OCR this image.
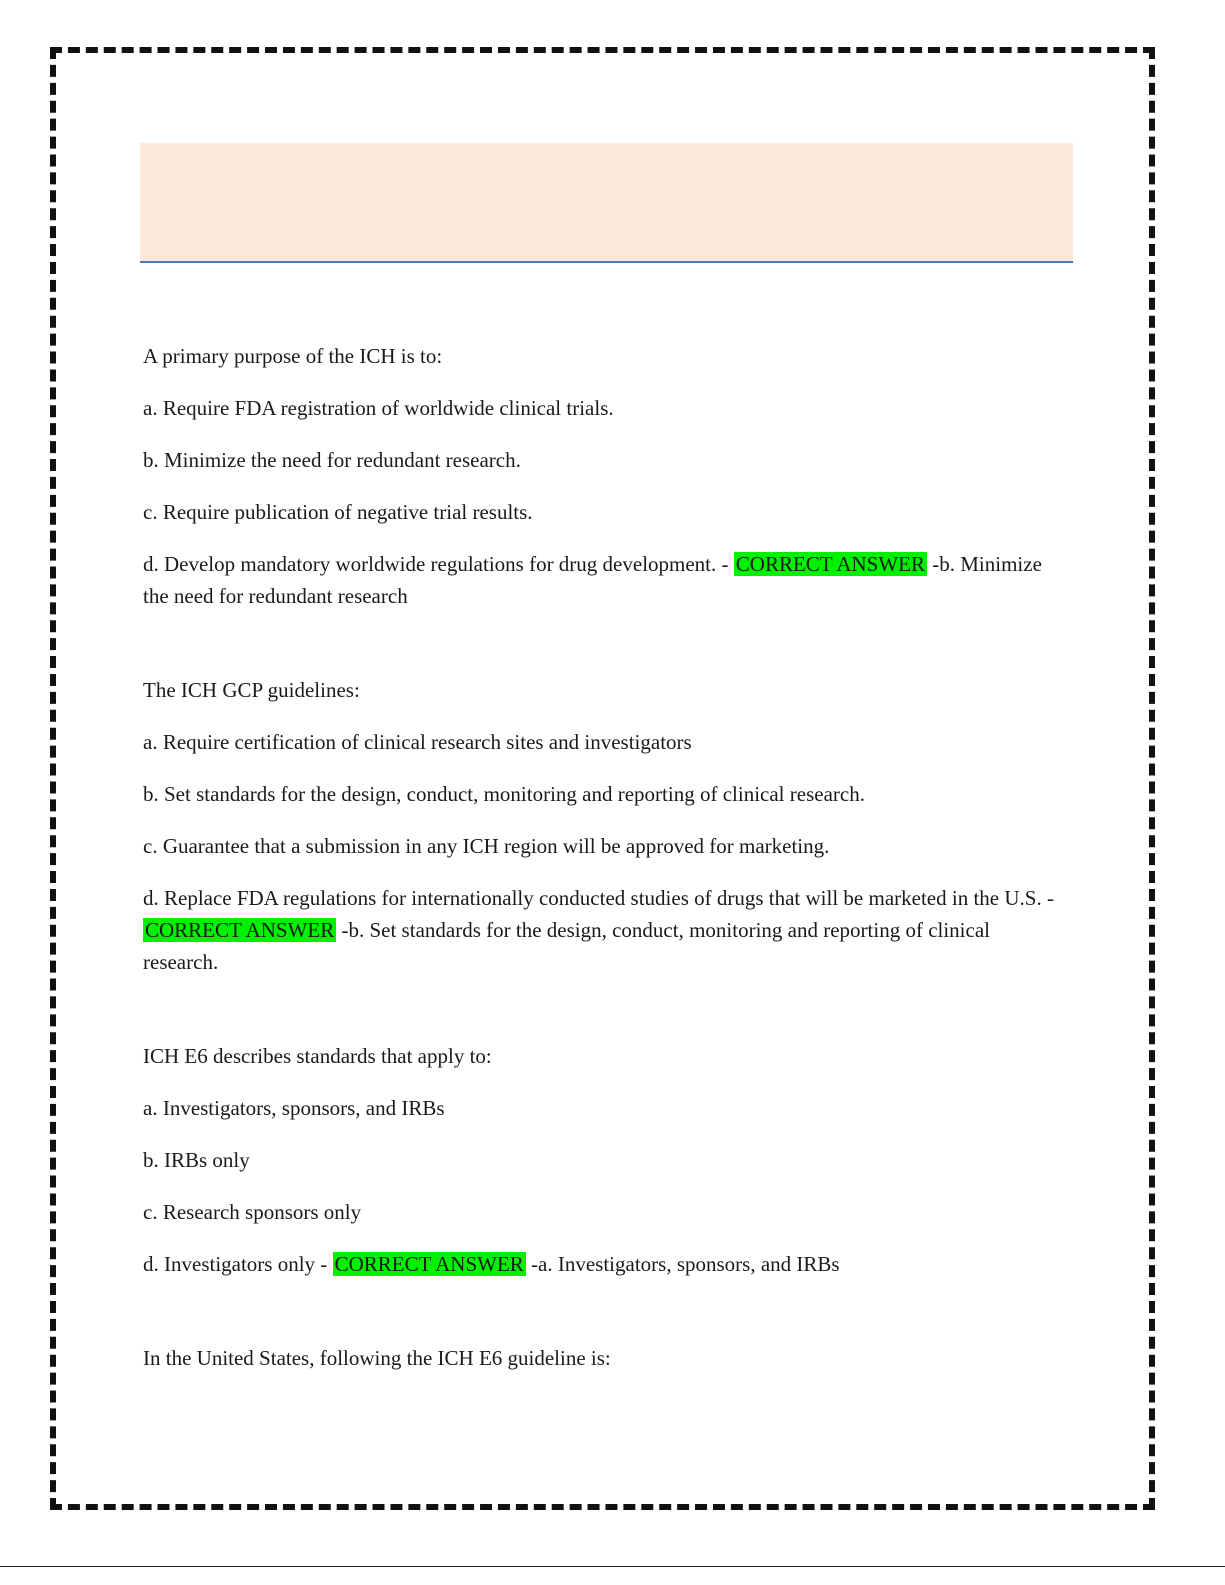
A primary purpose of the ICH is to:

a. Require FDA registration of worldwide clinical trials.

b. Minimize the need for redundant research.

c. Require publication of negative trial results.

d. Develop mandatory worldwide regulations for drug development. - CORRECT ANSWER -b. Minimize the need for redundant research

The ICH GCP guidelines:

a. Require certification of clinical research sites and investigators

b. Set standards for the design, conduct, monitoring and reporting of clinical research.

c. Guarantee that a submission in any ICH region will be approved for marketing.

d. Replace FDA regulations for internationally conducted studies of drugs that will be marketed in the U.S. - CORRECT ANSWER -b. Set standards for the design, conduct, monitoring and reporting of clinical research.

ICH E6 describes standards that apply to:

a. Investigators, sponsors, and IRBs

b. IRBs only

c. Research sponsors only

d. Investigators only - CORRECT ANSWER -a. Investigators, sponsors, and IRBs

In the United States, following the ICH E6 guideline is:
